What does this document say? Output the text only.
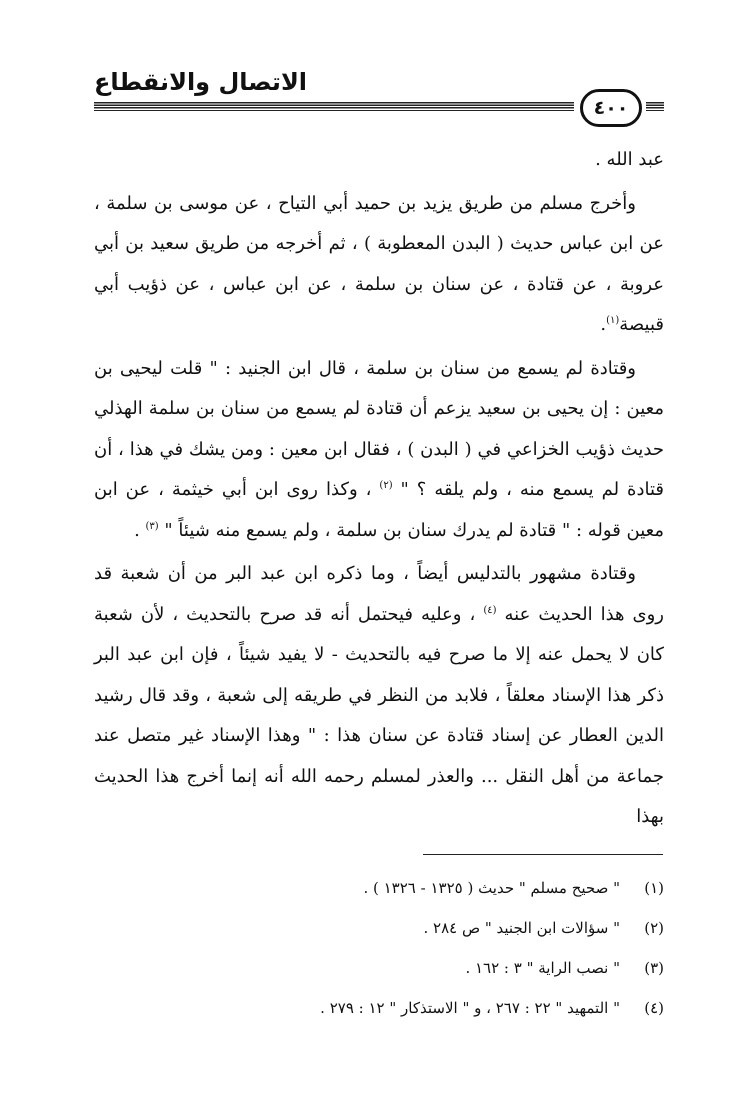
الاتصال والانقطاع
٤٠٠

عبد الله .

وأخرج مسلم من طريق يزيد بن حميد أبي التياح ، عن موسى بن سلمة ، عن ابن عباس حديث ( البدن المعطوبة ) ، ثم أخرجه من طريق سعيد بن أبي عروبة ، عن قتادة ، عن سنان بن سلمة ، عن ابن عباس ، عن ذؤيب أبي قبيصة$^{(١)}$.

وقتادة لم يسمع من سنان بن سلمة ، قال ابن الجنيد : " قلت ليحيى بن معين : إن يحيى بن سعيد يزعم أن قتادة لم يسمع من سنان بن سلمة الهذلي حديث ذؤيب الخزاعي في ( البدن ) ، فقال ابن معين : ومن يشك في هذا ، أن قتادة لم يسمع منه ، ولم يلقه ؟ " $^{(٢)}$ ، وكذا روى ابن أبي خيثمة ، عن ابن معين قوله : " قتادة لم يدرك سنان بن سلمة ، ولم يسمع منه شيئاً " $^{(٣)}$ .

وقتادة مشهور بالتدليس أيضاً ، وما ذكره ابن عبد البر من أن شعبة قد روى هذا الحديث عنه $^{(٤)}$ ، وعليه فيحتمل أنه قد صرح بالتحديث ، لأن شعبة كان لا يحمل عنه إلا ما صرح فيه بالتحديث - لا يفيد شيئاً ، فإن ابن عبد البر ذكر هذا الإسناد معلقاً ، فلابد من النظر في طريقه إلى شعبة ، وقد قال رشيد الدين العطار عن إسناد قتادة عن سنان هذا : " وهذا الإسناد غير متصل عند جماعة من أهل النقل ... والعذر لمسلم رحمه الله أنه إنما أخرج هذا الحديث بهذا

(١)
" صحيح مسلم " حديث ( ١٣٢٥ - ١٣٢٦ ) .
(٢)
" سؤالات ابن الجنيد " ص ٢٨٤ .
(٣)
" نصب الراية " ٣ : ١٦٢ .
(٤)
" التمهيد " ٢٢ : ٢٦٧ ، و " الاستذكار " ١٢ : ٢٧٩ .
